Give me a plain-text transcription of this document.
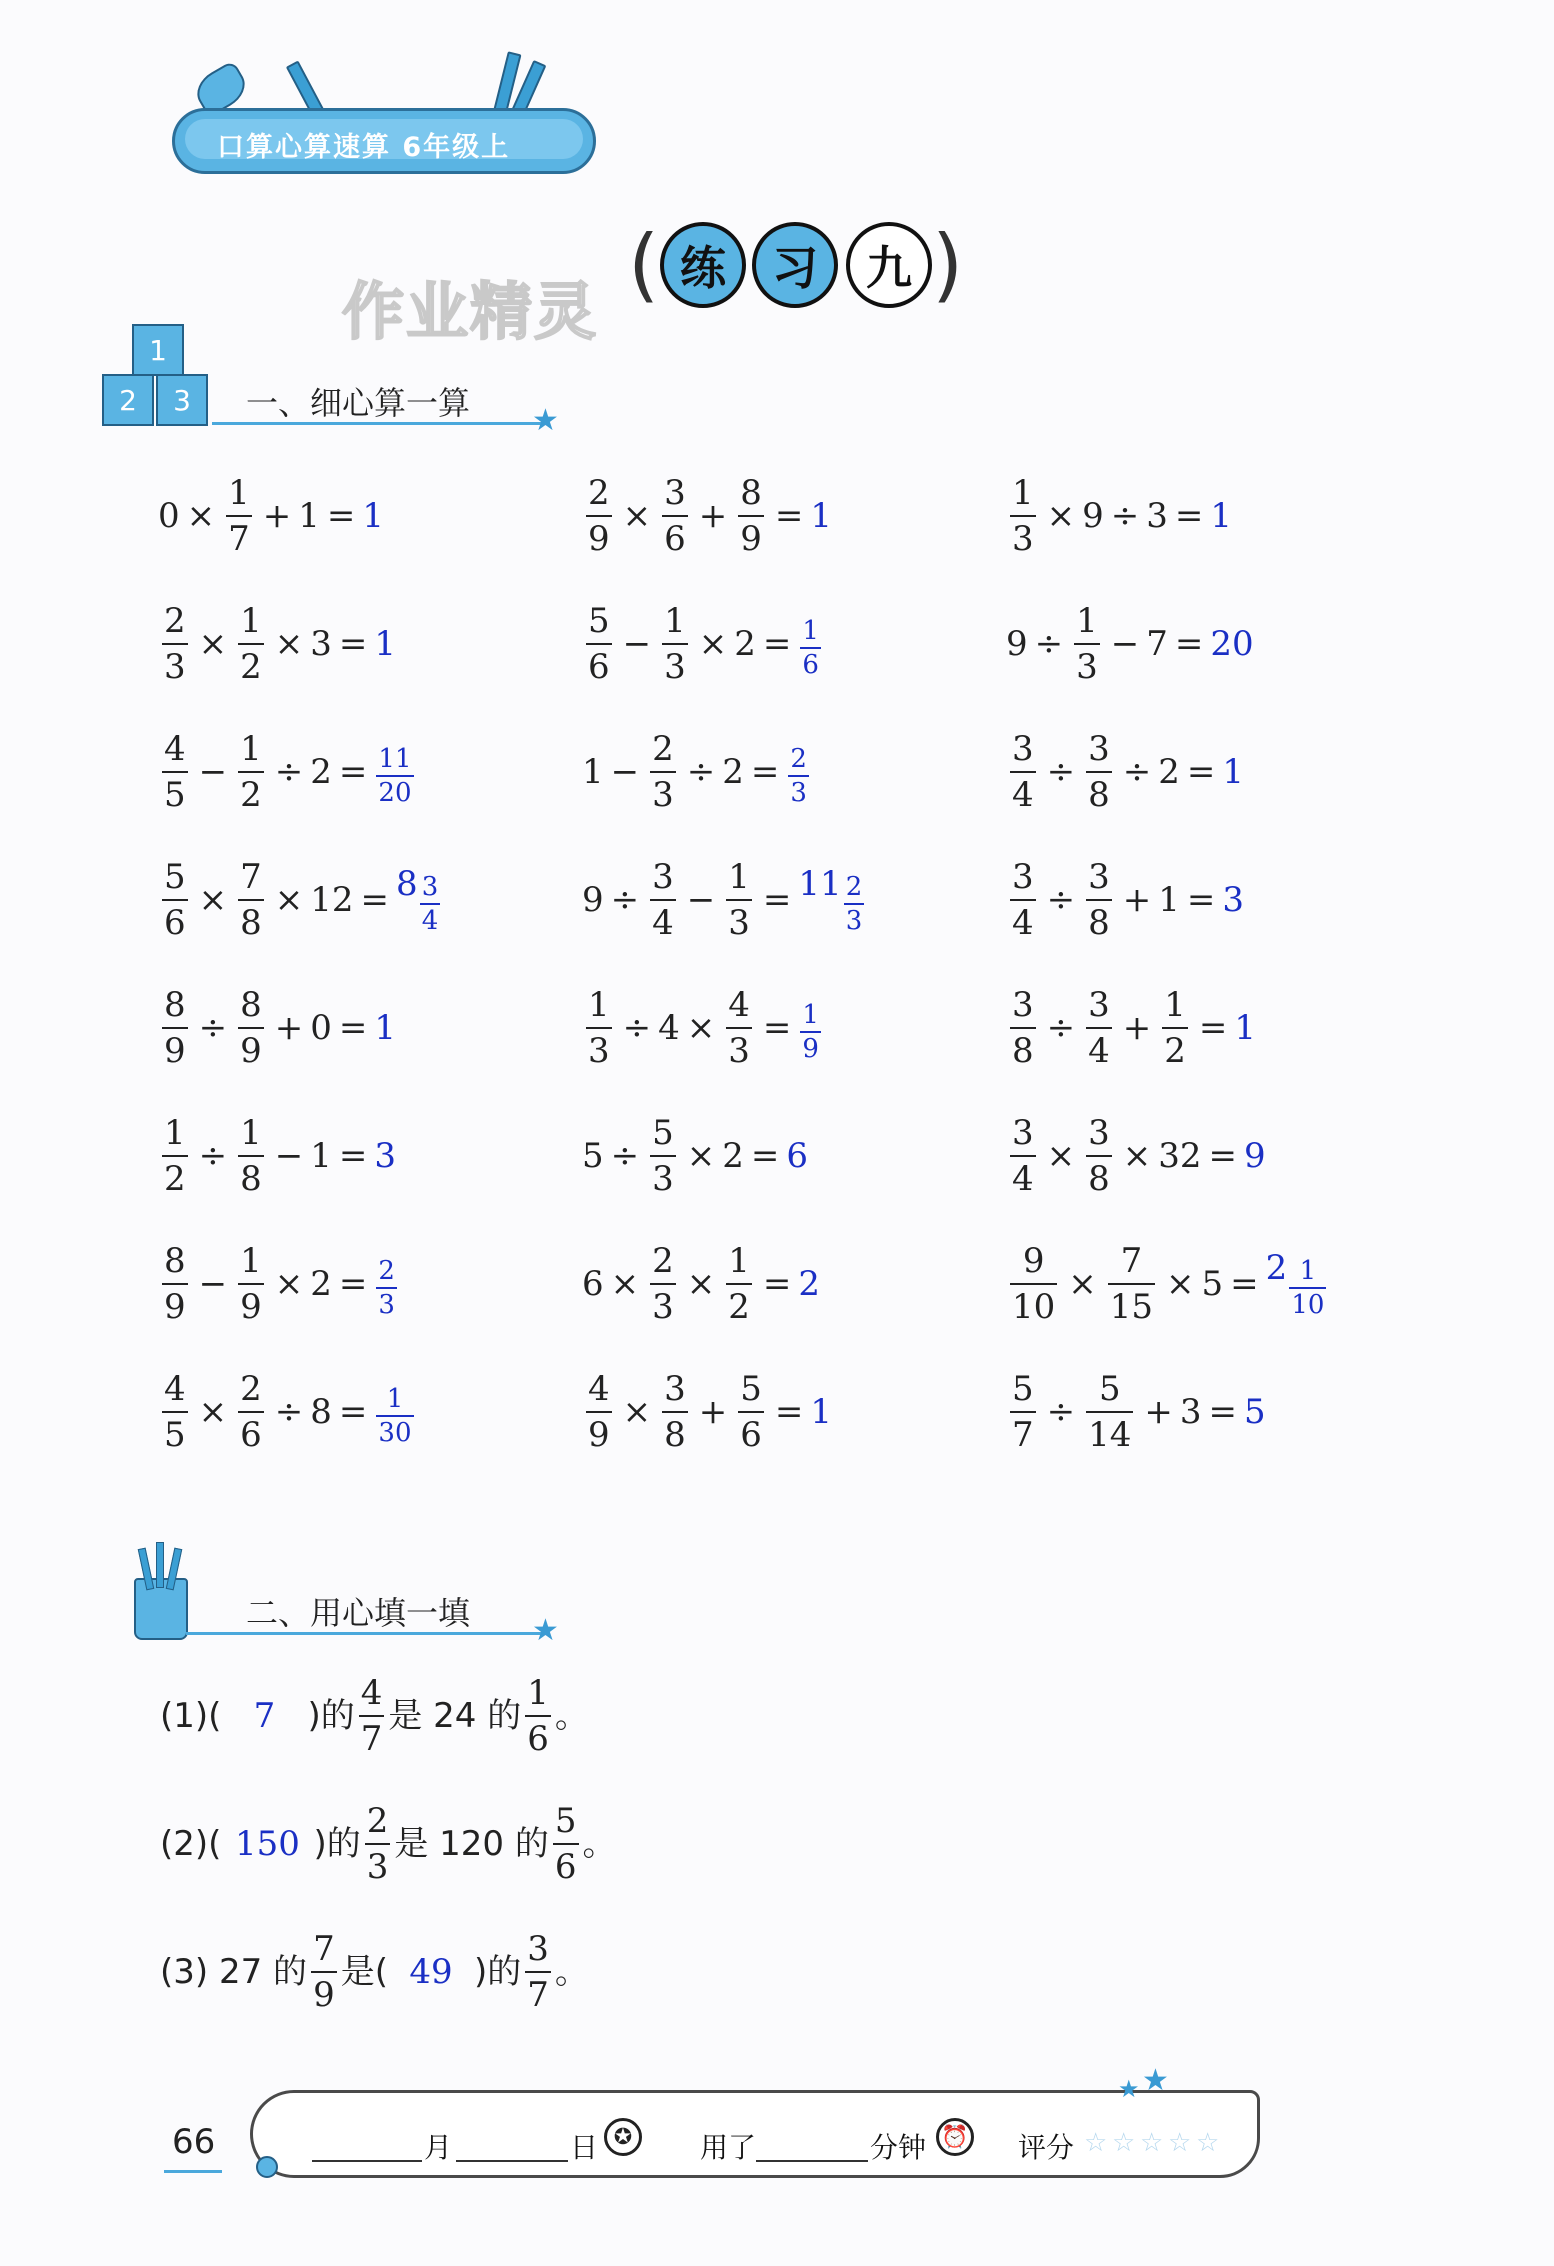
口算心算速算 6年级上
作业精灵
( 练	习	九 )
1
2	3	一、细心算一算 ★
$0 \times \frac{1}{7} + 1 = 1$	$\frac{2}{9} \times \frac{3}{6} + \frac{8}{9} = 1$	$\frac{1}{3} \times 9 \div 3 = 1$
$\frac{2}{3} \times \frac{1}{2} \times 3 = 1$	$\frac{5}{6} - \frac{1}{3} \times 2 = \frac{1}{6}$	$9 \div \frac{1}{3} - 7 = 20$
$\frac{4}{5} - \frac{1}{2} \div 2 = \frac{11}{20}$	$1 - \frac{2}{3} \div 2 = \frac{2}{3}$	$\frac{3}{4} \div \frac{3}{8} \div 2 = 1$
$\frac{5}{6} \times \frac{7}{8} \times 12 = 8 \frac{3}{4}$	$9 \div \frac{3}{4} - \frac{1}{3} = 11 \frac{2}{3}$	$\frac{3}{4} \div \frac{3}{8} + 1 = 3$
$\frac{8}{9} \div \frac{8}{9} + 0 = 1$	$\frac{1}{3} \div 4 \times \frac{4}{3} = \frac{1}{9}$	$\frac{3}{8} \div \frac{3}{4} + \frac{1}{2} = 1$
$\frac{1}{2} \div \frac{1}{8} - 1 = 3$	$5 \div \frac{5}{3} \times 2 = 6$	$\frac{3}{4} \times \frac{3}{8} \times 32 = 9$
$\frac{8}{9} - \frac{1}{9} \times 2 = \frac{2}{3}$	$6 \times \frac{2}{3} \times \frac{1}{2} = 2$	$\frac{9}{10} \times \frac{7}{15} \times 5 = 2 \frac{1}{10}$
$\frac{4}{5} \times \frac{2}{6} \div 8 = \frac{1}{30}$	$\frac{4}{9} \times \frac{3}{8} + \frac{5}{6} = 1$	$\frac{5}{7} \div \frac{5}{14} + 3 = 5$
二、用心填一填 ★
(1) ( 7 )的 $\frac{4}{7}$ 是 24 的 $\frac{1}{6}$ 。
(2) ( 150 )的 $\frac{2}{3}$ 是 120 的 $\frac{5}{6}$ 。
(3) 27 的 $\frac{7}{9}$ 是( 49 )的 $\frac{3}{7}$ 。
★ ★
66	月	日 ✪	用了	分钟 ⏰ 评分 ☆ ☆ ☆ ☆ ☆
